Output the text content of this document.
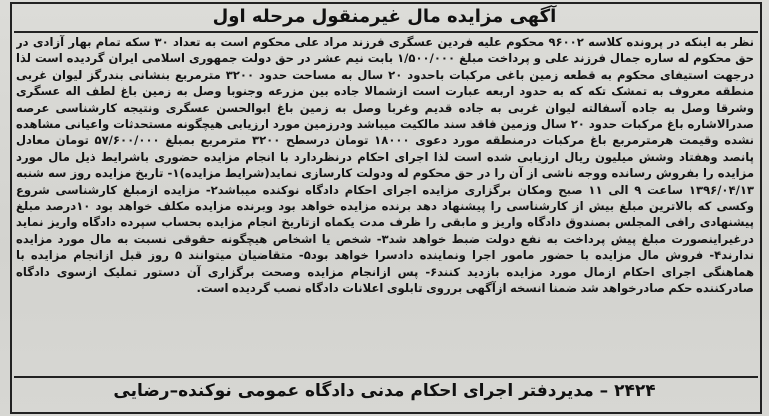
آگهی مزایده مال غیرمنقول مرحله اول

نظر به اینکه در پرونده کلاسه ۹۶۰۰۲ محکوم علیه فردین عسگری فرزند مراد علی محکوم است به تعداد ۳۰ سکه تمام بهار آزادی در حق محکوم له ساره جمال فرزند علی و پرداخت مبلغ ۱/۵۰۰/۰۰۰ بابت نیم عشر در حق دولت جمهوری اسلامی ایران گردیده است لذا درجهت استیفای محکوم به قطعه زمین باغی مرکبات باحدود ۲۰ سال به مساحت حدود ۳۲۰۰ مترمربع بنشانی بندرگز لیوان غربی منطقه معروف به تمشک تکه که به حدود اربعه عبارت است ازشمالا جاده بین مزرعه وجنوبا وصل به زمین باغ لطف اله عسگری وشرقا وصل به جاده آسفالته لیوان غربی به جاده قدیم وغربا وصل به زمین باغ ابوالحسن عسگری ونتیجه کارشناسی عرصه صدرالاشاره باغ مرکبات حدود ۲۰ سال وزمین فاقد سند مالکیت میباشد ودرزمین مورد ارزیابی هیچگونه مستحدثات واعیانی مشاهده نشده وقیمت هرمترمربع باغ مرکبات درمنطقه مورد دعوی ۱۸۰۰۰ تومان درسطح ۳۲۰۰ مترمربع بمبلغ ۵۷/۶۰۰/۰۰۰ تومان معادل پانصد وهفتاد وشش میلیون ریال ارزیابی شده است لذا اجرای احکام درنظردارد با انجام مزایده حضوری باشرایط ذیل مال مورد مزایده را بفروش رسانده ووجه ناشی از آن را در حق محکوم له ودولت کارسازی نماید(شرایط مزایده)۱- تاریخ مزایده روز سه شنبه ۱۳۹۶/۰۴/۱۳ ساعت ۹ الی ۱۱ صبح ومکان برگزاری مزایده اجرای احکام دادگاه نوکنده میباشد۲- مزایده ازمبلغ کارشناسی شروع وکسی که بالاترین مبلغ بیش از کارشناسی را پیشنهاد دهد برنده مزایده خواهد بود وبرنده مزایده مکلف خواهد بود ۱۰درصد مبلغ پیشنهادی رافی المجلس بصندوق دادگاه واریز و مابقی را ظرف مدت یکماه ازتاریخ انجام مزایده بحساب سپرده دادگاه واریز نماید درغیراینصورت مبلغ پیش پرداخت به نفع دولت ضبط خواهد شد۳- شخص یا اشخاص هیچگونه حقوقی نسبت به مال مورد مزایده ندارند۴- فروش مال مزایده با حضور مامور اجرا ونماینده دادسرا خواهد بود۵- متقاضیان میتوانند ۵ روز قبل ازانجام مزایده با هماهنگی اجرای احکام ازمال مورد مزایده بازدید کنند۶- پس ازانجام مزایده وصحت برگزاری آن دستور تملیک ازسوی دادگاه صادرکننده حکم صادرخواهد شد ضمنا انسخه ازآگهی برروی تابلوی اعلانات دادگاه نصب گردیده است.

۲۴۲۴ – مدیردفتر اجرای احکام مدنی دادگاه عمومی نوکنده–رضایی
